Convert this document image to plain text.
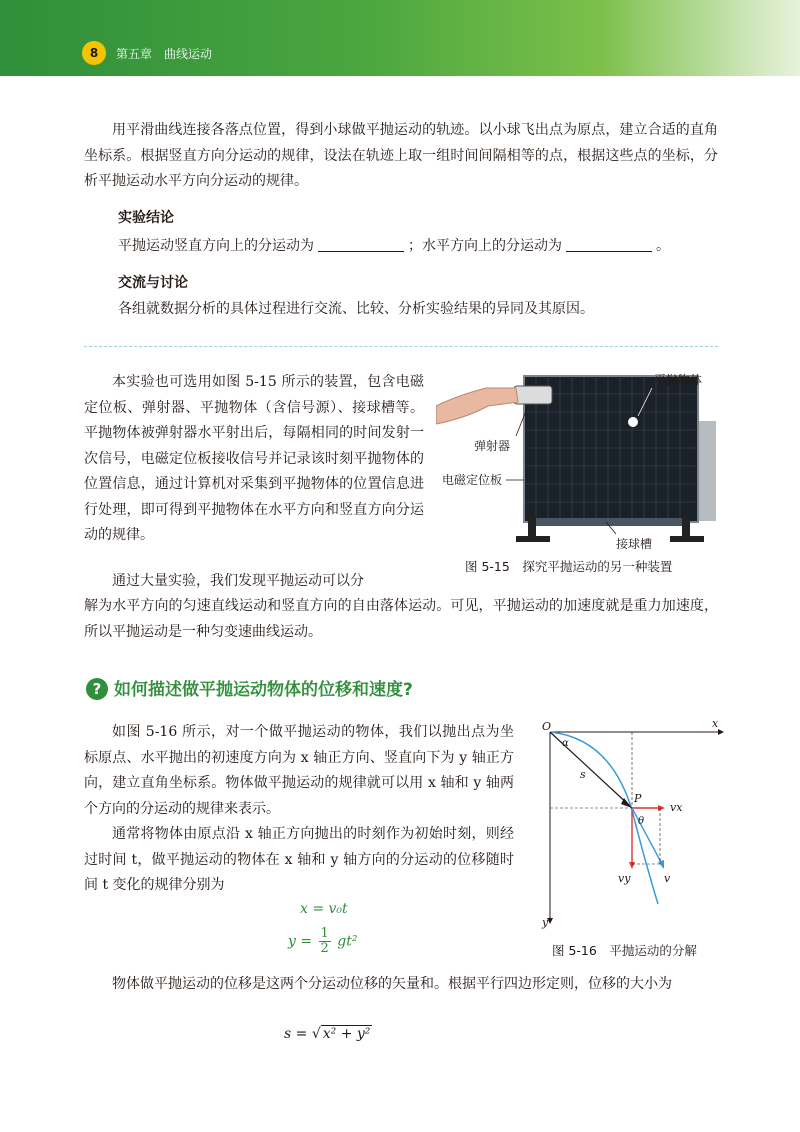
8	第五章　曲线运动

用平滑曲线连接各落点位置，得到小球做平抛运动的轨迹。以小球飞出点为原点，建立合适的直角坐标系。根据竖直方向分运动的规律，设法在轨迹上取一组时间间隔相等的点，根据这些点的坐标，分析平抛运动水平方向分运动的规律。

实验结论
平抛运动竖直方向上的分运动为	；水平方向上的分运动为	。
交流与讨论
各组就数据分析的具体过程进行交流、比较、分析实验结果的异同及其原因。

本实验也可选用如图 5-15 所示的装置，包含电磁定位板、弹射器、平抛物体（含信号源）、接球槽等。平抛物体被弹射器水平射出后，每隔相同的时间发射一次信号，电磁定位板接收信号并记录该时刻平抛物体的位置信息，通过计算机对采集到平抛物体的位置信息进行处理，即可得到平抛物体在水平方向和竖直方向分运动的规律。

通过大量实验，我们发现平抛运动可以分

解为水平方向的匀速直线运动和竖直方向的自由落体运动。可见，平抛运动的加速度就是重力加速度，所以平抛运动是一种匀变速曲线运动。

平抛物体
弹射器
电磁定位板
接球槽
图 5-15　探究平抛运动的另一种装置
? 如何描述做平抛运动物体的位移和速度?

如图 5-16 所示，对一个做平抛运动的物体，我们以抛出点为坐标原点、水平抛出的初速度方向为 x 轴正方向、竖直向下为 y 轴正方向，建立直角坐标系。物体做平抛运动的规律就可以用 x 轴和 y 轴两个方向的分运动的规律来表示。

通常将物体由原点沿 x 轴正方向抛出的时刻作为初始时刻，则经过时间 t，做平抛运动的物体在 x 轴和 y 轴方向的分运动的位移随时间 t 变化的规律分别为

x = v₀t
$y = \frac{1}{2} gt^2$

物体做平抛运动的位移是这两个分运动位移的矢量和。根据平行四边形定则，位移的大小为

s = √ x² + y²
O	x
y
α
s
P
vx
θ
vy	v
图 5-16　平抛运动的分解
